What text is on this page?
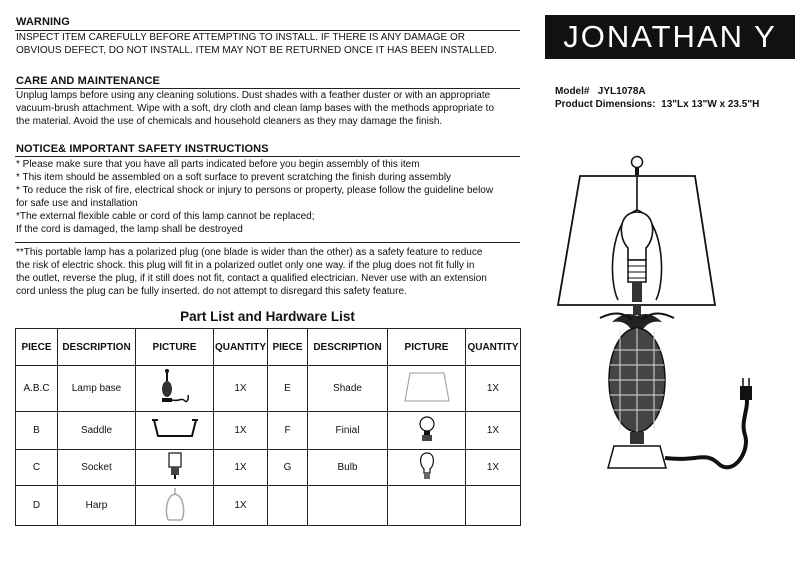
WARNING
INSPECT ITEM CAREFULLY BEFORE ATTEMPTING TO INSTALL. IF THERE IS ANY DAMAGE OR
OBVIOUS DEFECT, DO NOT INSTALL. ITEM MAY NOT BE RETURNED ONCE IT HAS BEEN INSTALLED.
CARE AND MAINTENANCE
Unplug lamps before using any cleaning solutions. Dust shades with a feather duster or with an appropriate
vacuum-brush attachment. Wipe with a soft, dry cloth and clean lamp bases with the methods appropriate to
the material. Avoid the use of chemicals and household cleaners as they may damage the finish.
NOTICE& IMPORTANT SAFETY INSTRUCTIONS
* Please make sure that you have all parts indicated before you begin assembly of this item
* This item should be assembled on a soft surface to prevent scratching the finish during assembly
* To reduce the risk of fire, electrical shock or injury to persons or property, please follow the guideline below
for safe use and installation
*The external flexible cable or cord of this lamp cannot be replaced;
If the cord is damaged, the lamp shall be destroyed
**This portable lamp has a polarized plug (one blade is wider than the other) as a safety feature to reduce
the risk of electric shock. this plug will fit in a polarized outlet only one way. if the plug does not fit fully in
the outlet, reverse the plug, if it still does not fit, contact a qualified electrician. Never use with an extension
cord unless the plug can be fully inserted. do not attempt to disregard this safety feature.
JONATHAN Y
Model# JYL1078A
Product Dimensions: 13"Lx 13"W x 23.5"H
Part List and Hardware List
PIECE	DESCRIPTION	PICTURE	QUANTITY	PIECE	DESCRIPTION	PICTURE	QUANTITY
A.B.C	Lamp base		1X	E	Shade		1X
B	Saddle		1X	F	Finial		1X
C	Socket		1X	G	Bulb		1X
D	Harp		1X				
